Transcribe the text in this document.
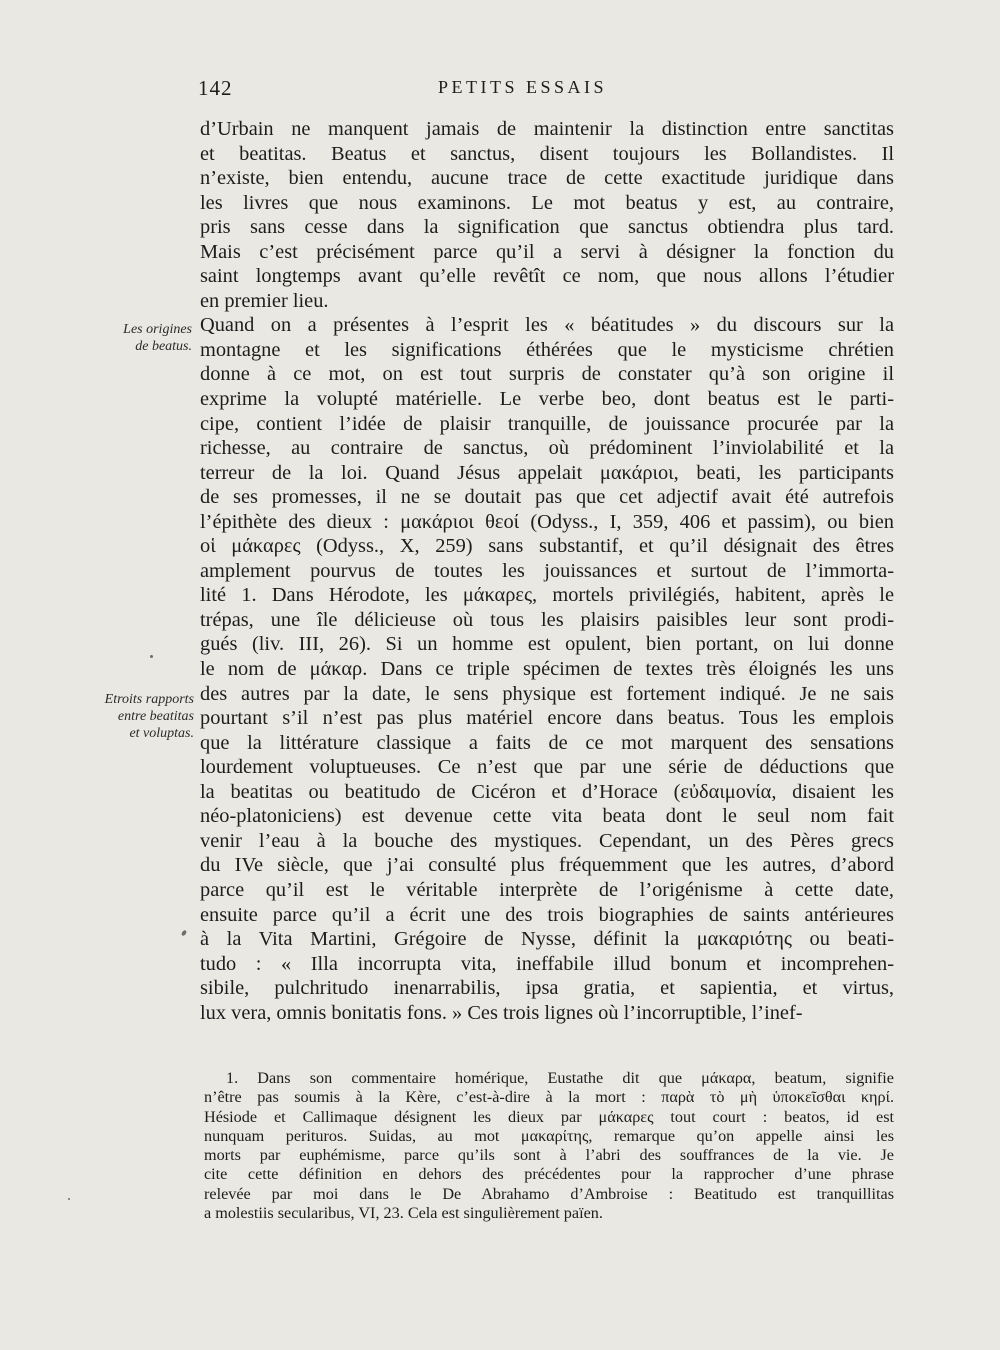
142	PETITS ESSAIS
Les origines
de beatus.
Etroits rapports
entre beatitas
et voluptas.
d’Urbain ne manquent jamais de maintenir la distinction entre sanctitas
et beatitas. Beatus et sanctus, disent toujours les Bollandistes. Il
n’existe, bien entendu, aucune trace de cette exactitude juridique dans
les livres que nous examinons. Le mot beatus y est, au contraire,
pris sans cesse dans la signification que sanctus obtiendra plus tard.
Mais c’est précisément parce qu’il a servi à désigner la fonction du
saint longtemps avant qu’elle revêtît ce nom, que nous allons l’étudier
en premier lieu.
Quand on a présentes à l’esprit les « béatitudes » du discours sur la
montagne et les significations éthérées que le mysticisme chrétien
donne à ce mot, on est tout surpris de constater qu’à son origine il
exprime la volupté matérielle. Le verbe beo, dont beatus est le parti-
cipe, contient l’idée de plaisir tranquille, de jouissance procurée par la
richesse, au contraire de sanctus, où prédominent l’inviolabilité et la
terreur de la loi. Quand Jésus appelait μακάριοι, beati, les participants
de ses promesses, il ne se doutait pas que cet adjectif avait été autrefois
l’épithète des dieux : μακάριοι θεοί (Odyss., I, 359, 406 et passim), ou bien
οἱ μάκαρες (Odyss., X, 259) sans substantif, et qu’il désignait des êtres
amplement pourvus de toutes les jouissances et surtout de l’immorta-
lité 1. Dans Hérodote, les μάκαρες, mortels privilégiés, habitent, après le
trépas, une île délicieuse où tous les plaisirs paisibles leur sont prodi-
gués (liv. III, 26). Si un homme est opulent, bien portant, on lui donne
le nom de μάκαρ. Dans ce triple spécimen de textes très éloignés les uns
des autres par la date, le sens physique est fortement indiqué. Je ne sais
pourtant s’il n’est pas plus matériel encore dans beatus. Tous les emplois
que la littérature classique a faits de ce mot marquent des sensations
lourdement voluptueuses. Ce n’est que par une série de déductions que
la beatitas ou beatitudo de Cicéron et d’Horace (εὐδαιμονία, disaient les
néo-platoniciens) est devenue cette vita beata dont le seul nom fait
venir l’eau à la bouche des mystiques. Cependant, un des Pères grecs
du IVe siècle, que j’ai consulté plus fréquemment que les autres, d’abord
parce qu’il est le véritable interprète de l’origénisme à cette date,
ensuite parce qu’il a écrit une des trois biographies de saints antérieures
à la Vita Martini, Grégoire de Nysse, définit la μακαριότης ou beati-
tudo : « Illa incorrupta vita, ineffabile illud bonum et incomprehen-
sibile, pulchritudo inenarrabilis, ipsa gratia, et sapientia, et virtus,
lux vera, omnis bonitatis fons. » Ces trois lignes où l’incorruptible, l’inef-
1. Dans son commentaire homérique, Eustathe dit que μάκαρα, beatum, signifie
n’être pas soumis à la Kère, c’est-à-dire à la mort : παρὰ τὸ μὴ ὑποκεῖσθαι κηρί.
Hésiode et Callimaque désignent les dieux par μάκαρες tout court : beatos, id est
nunquam perituros. Suidas, au mot μακαρίτης, remarque qu’on appelle ainsi les
morts par euphémisme, parce qu’ils sont à l’abri des souffrances de la vie. Je
cite cette définition en dehors des précédentes pour la rapprocher d’une phrase
relevée par moi dans le De Abrahamo d’Ambroise : Beatitudo est tranquillitas
a molestiis secularibus, VI, 23. Cela est singulièrement païen.
